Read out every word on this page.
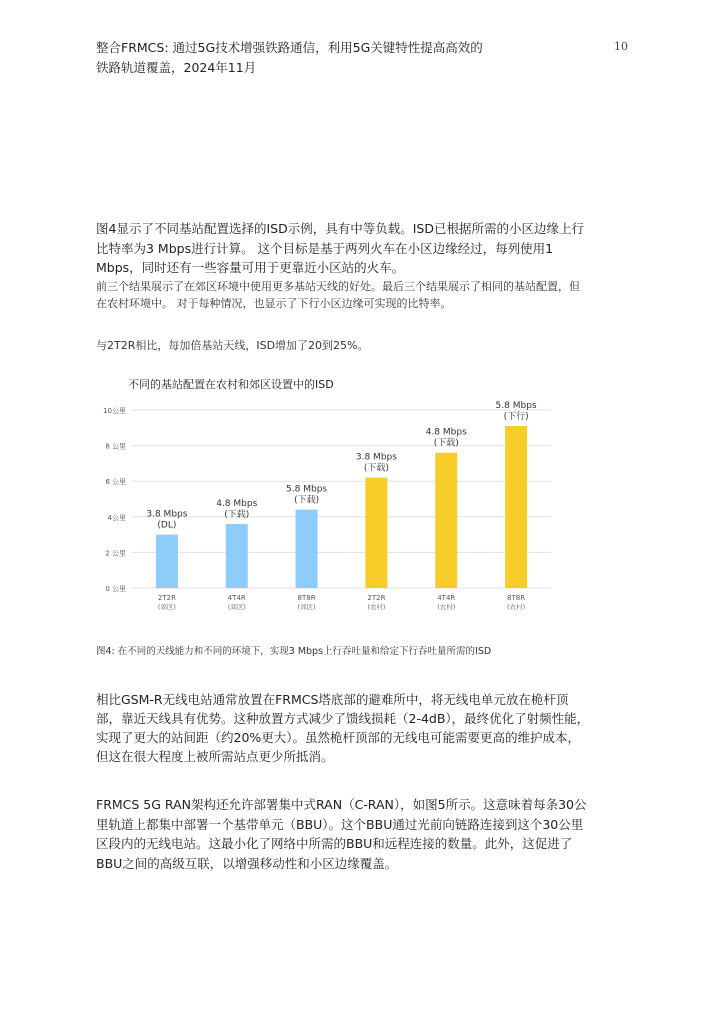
整合FRMCS: 通过5G技术增强铁路通信，利用5G关键特性提高高效的
铁路轨道覆盖，2024年11月
10
图4显示了不同基站配置选择的ISD示例，具有中等负载。ISD已根据所需的小区边缘上行比特率为3 Mbps进行计算。 这个目标是基于两列火车在小区边缘经过，每列使用1 Mbps，同时还有一些容量可用于更靠近小区站的火车。
前三个结果展示了在郊区环境中使用更多基站天线的好处。最后三个结果展示了相同的基站配置，但在农村环境中。 对于每种情况，也显示了下行小区边缘可实现的比特率。
与2T2R相比，每加倍基站天线，ISD增加了20到25%。
不同的基站配置在农村和郊区设置中的ISD
0 公里
2 公里
4公里
6 公里
8 公里
10公里
3.8 Mbps
(DL)
2T2R
(郊区)
4.8 Mbps
(下载)
4T4R
(郊区)
5.8 Mbps
(下载)
8T8R
(郊区)
3.8 Mbps
(下载)
2T2R
(农村)
4.8 Mbps
(下载)
4T4R
(农村)
5.8 Mbps
(下行)
8T8R
(农村)
图4: 在不同的天线能力和不同的环境下，实现3 Mbps上行吞吐量和给定下行吞吐量所需的ISD
相比GSM-R无线电站通常放置在FRMCS塔底部的避难所中，将无线电单元放在桅杆顶部，靠近天线具有优势。这种放置方式减少了馈线损耗（2-4dB），最终优化了射频性能，实现了更大的站间距（约20%更大）。虽然桅杆顶部的无线电可能需要更高的维护成本，但这在很大程度上被所需站点更少所抵消。
FRMCS 5G RAN架构还允许部署集中式RAN（C-RAN），如图5所示。这意味着每条30公里轨道上都集中部署一个基带单元（BBU）。这个BBU通过光前向链路连接到这个30公里区段内的无线电站。这最小化了网络中所需的BBU和远程连接的数量。此外，这促进了BBU之间的高级互联，以增强移动性和小区边缘覆盖。
